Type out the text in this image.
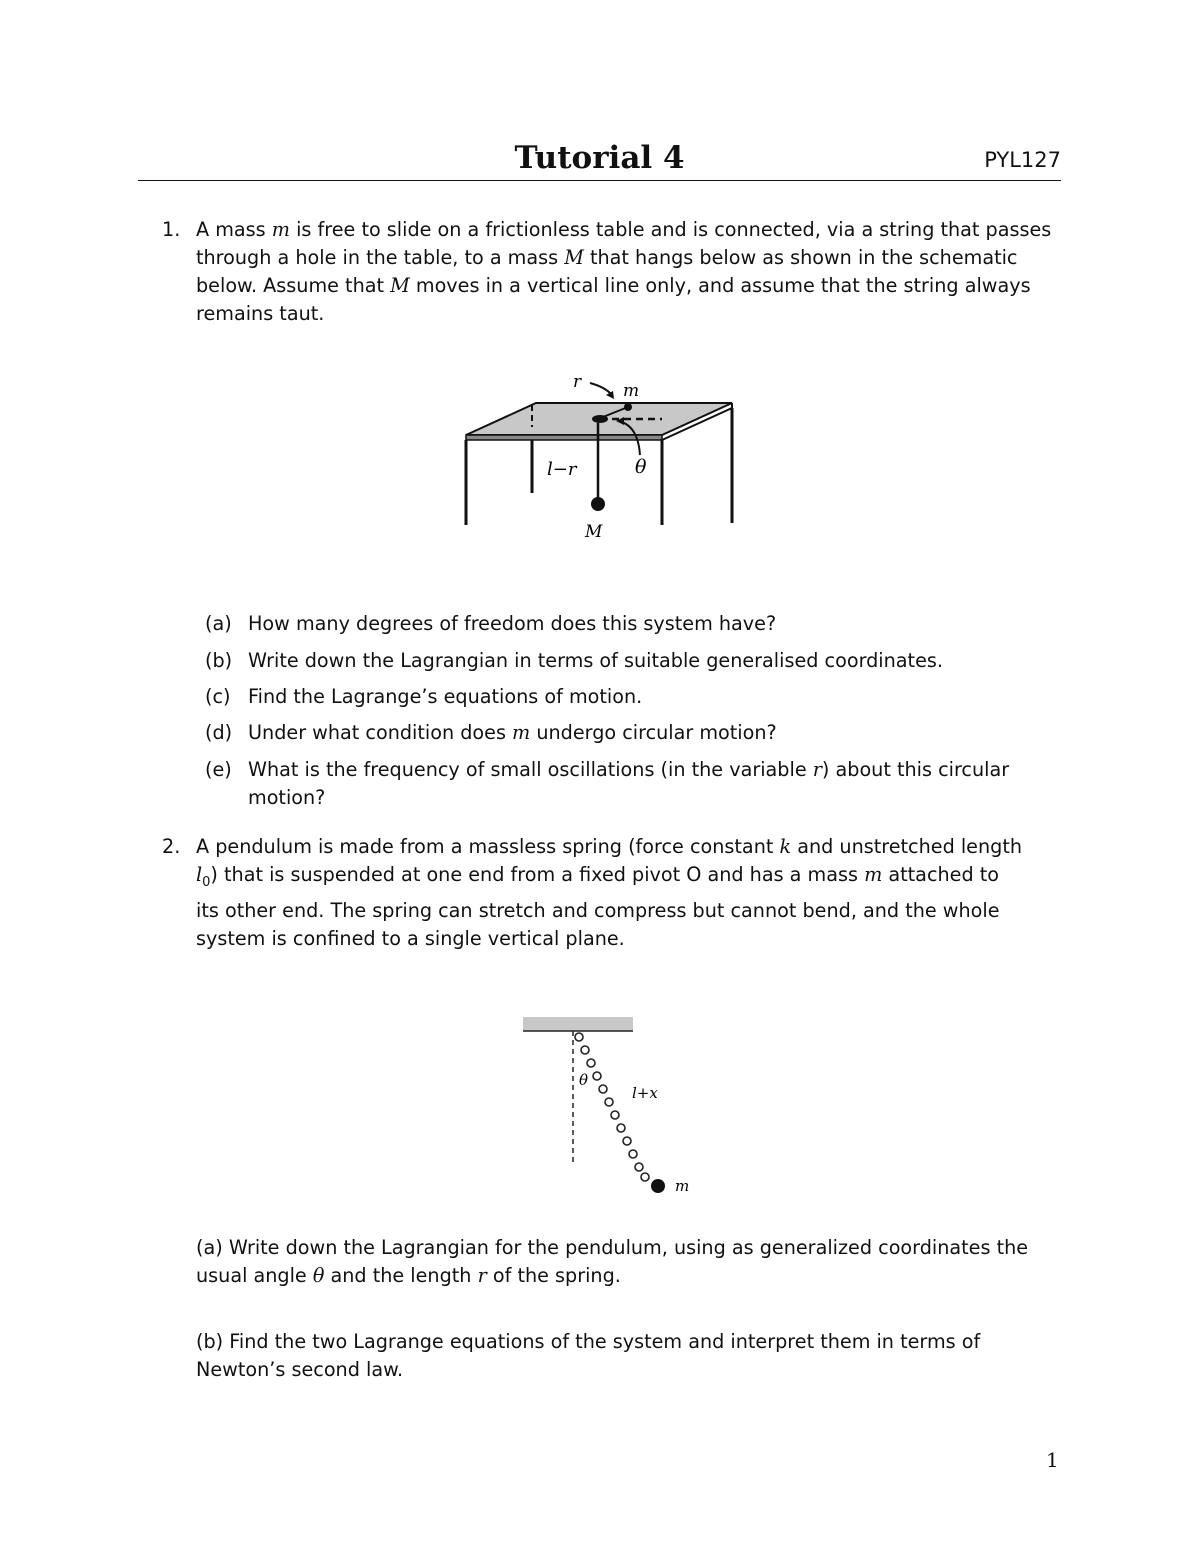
Tutorial 4	PYL127
1. A mass m is free to slide on a frictionless table and is connected, via a string that passes
through a hole in the table, to a mass M that hangs below as shown in the schematic
below. Assume that M moves in a vertical line only, and assume that the string always
remains taut.
r m
l−r	θ
M
(a) How many degrees of freedom does this system have?
(b) Write down the Lagrangian in terms of suitable generalised coordinates.
(c) Find the Lagrange’s equations of motion.
(d) Under what condition does m undergo circular motion?
(e) What is the frequency of small oscillations (in the variable r) about this circular
motion?
2. A pendulum is made from a massless spring (force constant k and unstretched length
$l_0$) that is suspended at one end from a fixed pivot O and has a mass m attached to
its other end. The spring can stretch and compress but cannot bend, and the whole
system is confined to a single vertical plane.
θ
l+x
m
(a) Write down the Lagrangian for the pendulum, using as generalized coordinates the
usual angle θ and the length r of the spring.
(b) Find the two Lagrange equations of the system and interpret them in terms of
Newton’s second law.
1
